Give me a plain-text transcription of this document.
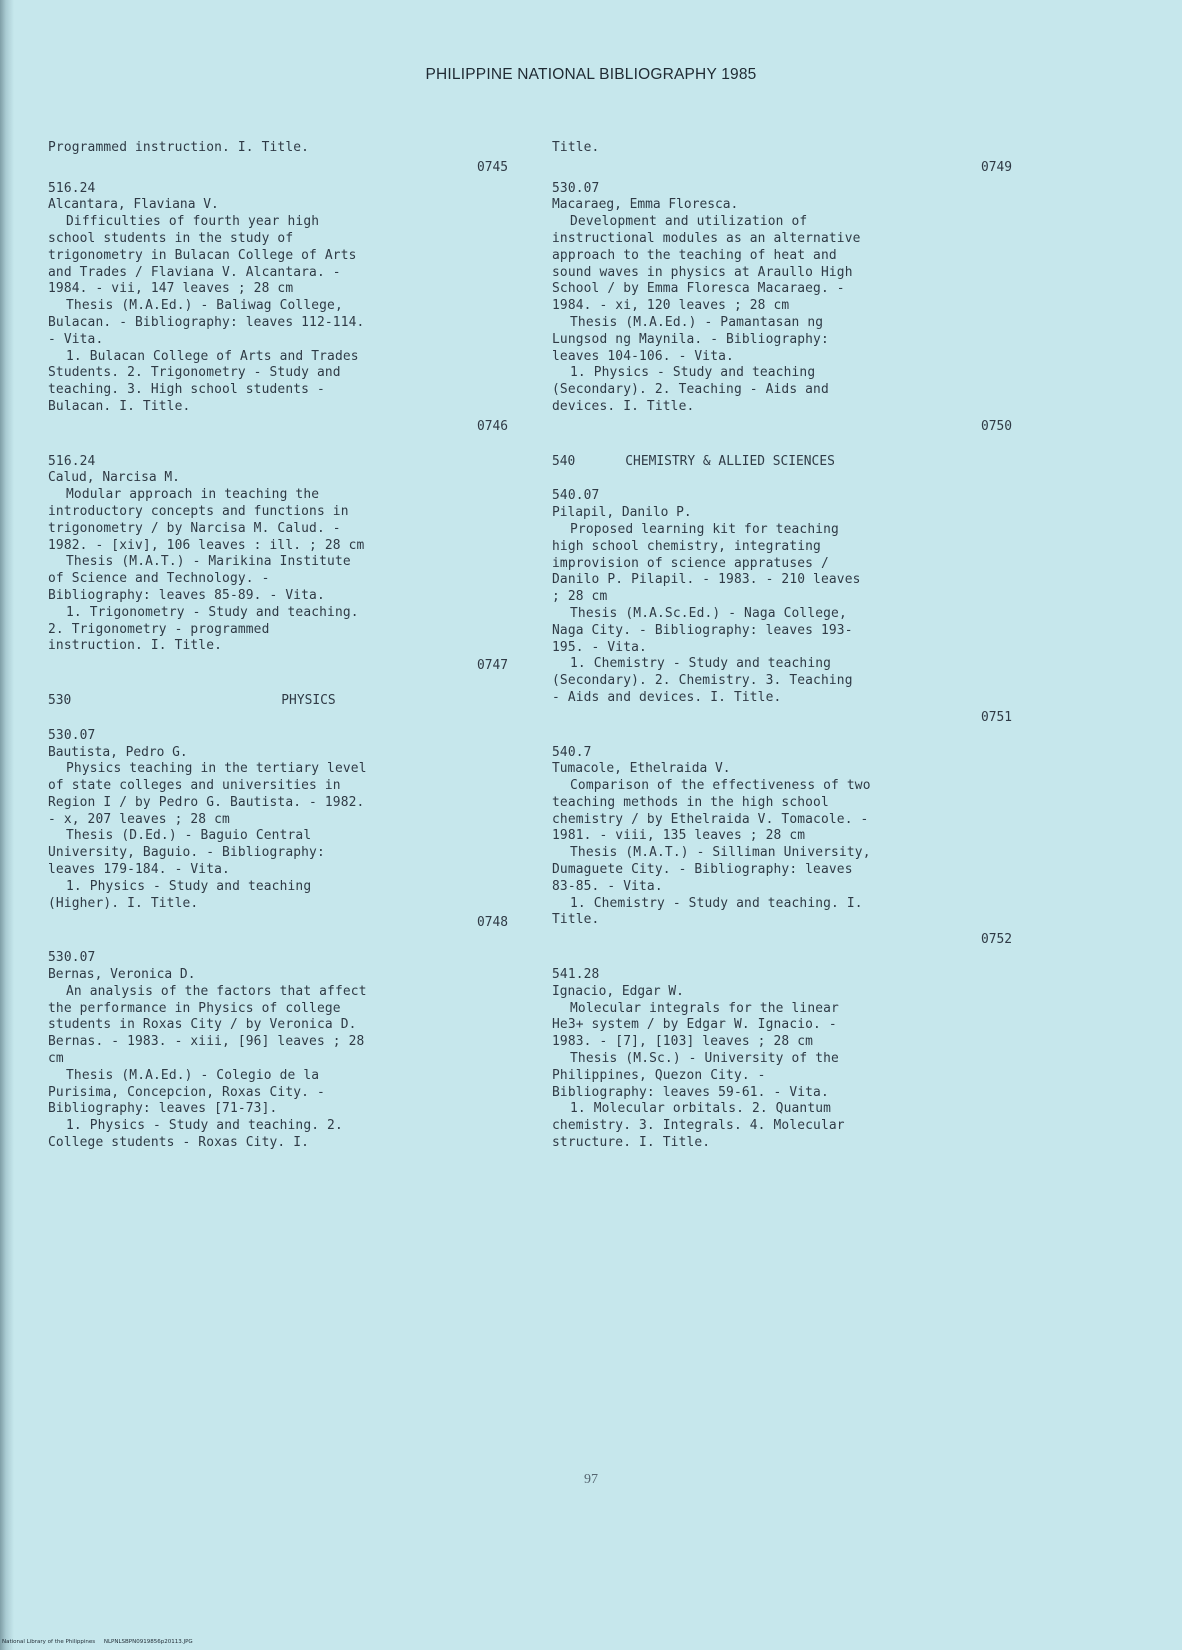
PHILIPPINE NATIONAL BIBLIOGRAPHY 1985
Programmed instruction. I. Title.
0745
516.24
Alcantara, Flaviana V.
Difficulties of fourth year high
school students in the study of
trigonometry in Bulacan College of Arts
and Trades / Flaviana V. Alcantara. -
1984. - vii, 147 leaves ; 28 cm
Thesis (M.A.Ed.) - Baliwag College,
Bulacan. - Bibliography: leaves 112-114.
- Vita.
1. Bulacan College of Arts and Trades
Students. 2. Trigonometry - Study and
teaching. 3. High school students -
Bulacan. I. Title.
0746
516.24
Calud, Narcisa M.
Modular approach in teaching the
introductory concepts and functions in
trigonometry / by Narcisa M. Calud. -
1982. - [xiv], 106 leaves : ill. ; 28 cm
Thesis (M.A.T.) - Marikina Institute
of Science and Technology. -
Bibliography: leaves 85-89. - Vita.
1. Trigonometry - Study and teaching.
2. Trigonometry - programmed
instruction. I. Title.
0747
530	PHYSICS
530.07
Bautista, Pedro G.
Physics teaching in the tertiary level
of state colleges and universities in
Region I / by Pedro G. Bautista. - 1982.
- x, 207 leaves ; 28 cm
Thesis (D.Ed.) - Baguio Central
University, Baguio. - Bibliography:
leaves 179-184. - Vita.
1. Physics - Study and teaching
(Higher). I. Title.
0748
530.07
Bernas, Veronica D.
An analysis of the factors that affect
the performance in Physics of college
students in Roxas City / by Veronica D.
Bernas. - 1983. - xiii, [96] leaves ; 28
cm
Thesis (M.A.Ed.) - Colegio de la
Purisima, Concepcion, Roxas City. -
Bibliography: leaves [71-73].
1. Physics - Study and teaching. 2.
College students - Roxas City. I.
Title.
0749
530.07
Macaraeg, Emma Floresca.
Development and utilization of
instructional modules as an alternative
approach to the teaching of heat and
sound waves in physics at Araullo High
School / by Emma Floresca Macaraeg. -
1984. - xi, 120 leaves ; 28 cm
Thesis (M.A.Ed.) - Pamantasan ng
Lungsod ng Maynila. - Bibliography:
leaves 104-106. - Vita.
1. Physics - Study and teaching
(Secondary). 2. Teaching - Aids and
devices. I. Title.
0750
540	CHEMISTRY & ALLIED SCIENCES
540.07
Pilapil, Danilo P.
Proposed learning kit for teaching
high school chemistry, integrating
improvision of science appratuses /
Danilo P. Pilapil. - 1983. - 210 leaves
; 28 cm
Thesis (M.A.Sc.Ed.) - Naga College,
Naga City. - Bibliography: leaves 193-
195. - Vita.
1. Chemistry - Study and teaching
(Secondary). 2. Chemistry. 3. Teaching
- Aids and devices. I. Title.
0751
540.7
Tumacole, Ethelraida V.
Comparison of the effectiveness of two
teaching methods in the high school
chemistry / by Ethelraida V. Tomacole. -
1981. - viii, 135 leaves ; 28 cm
Thesis (M.A.T.) - Silliman University,
Dumaguete City. - Bibliography: leaves
83-85. - Vita.
1. Chemistry - Study and teaching. I.
Title.
0752
541.28
Ignacio, Edgar W.
Molecular integrals for the linear
He3+ system / by Edgar W. Ignacio. -
1983. - [7], [103] leaves ; 28 cm
Thesis (M.Sc.) - University of the
Philippines, Quezon City. -
Bibliography: leaves 59-61. - Vita.
1. Molecular orbitals. 2. Quantum
chemistry. 3. Integrals. 4. Molecular
structure. I. Title.
97
National Library of the Philippines     NLPNLSBPN0919856p20113.JPG
